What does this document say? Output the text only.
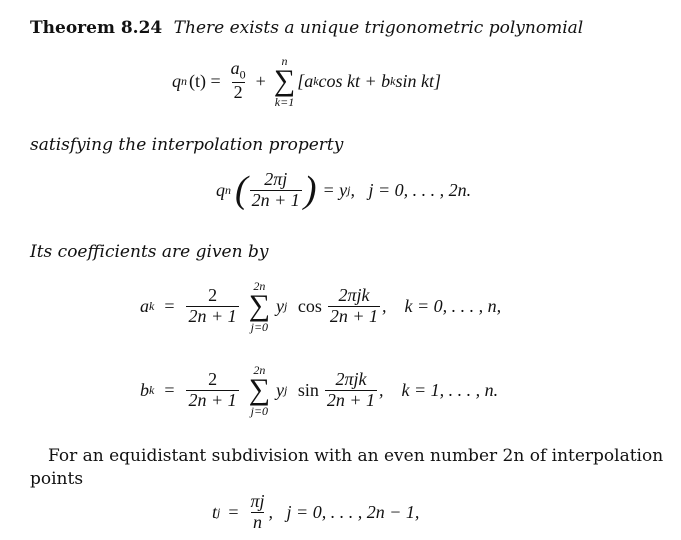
Theorem 8.24 There exists a unique trigonometric polynomial
q n $(t) = \frac{a_0}{2}$ +
n
∑
k=1
[a k cos kt + b k sin kt]
satisfying the interpolation property
q n ( $\frac{2\pi j}{2n + 1}$ ) = y j ,   j = 0, . . . , 2n.
Its coefficients are given by
a $k = \frac{2}{2n + 1} 2n$
∑
j=0
y j $\cos \frac{\text{2πjk}}{2n + 1}$ ,    k = 0, . . . , n,
b $k = \frac{2}{2n + 1} 2n$
∑
j=0
y j $\sin \frac{\text{2πjk}}{2n + 1}$ ,    k = 1, . . . , n.
For an equidistant subdivision with an even number 2n of interpolation
points
t $j = \frac{\pi j}{n}$ ,   j = 0, . . . , 2n − 1,
